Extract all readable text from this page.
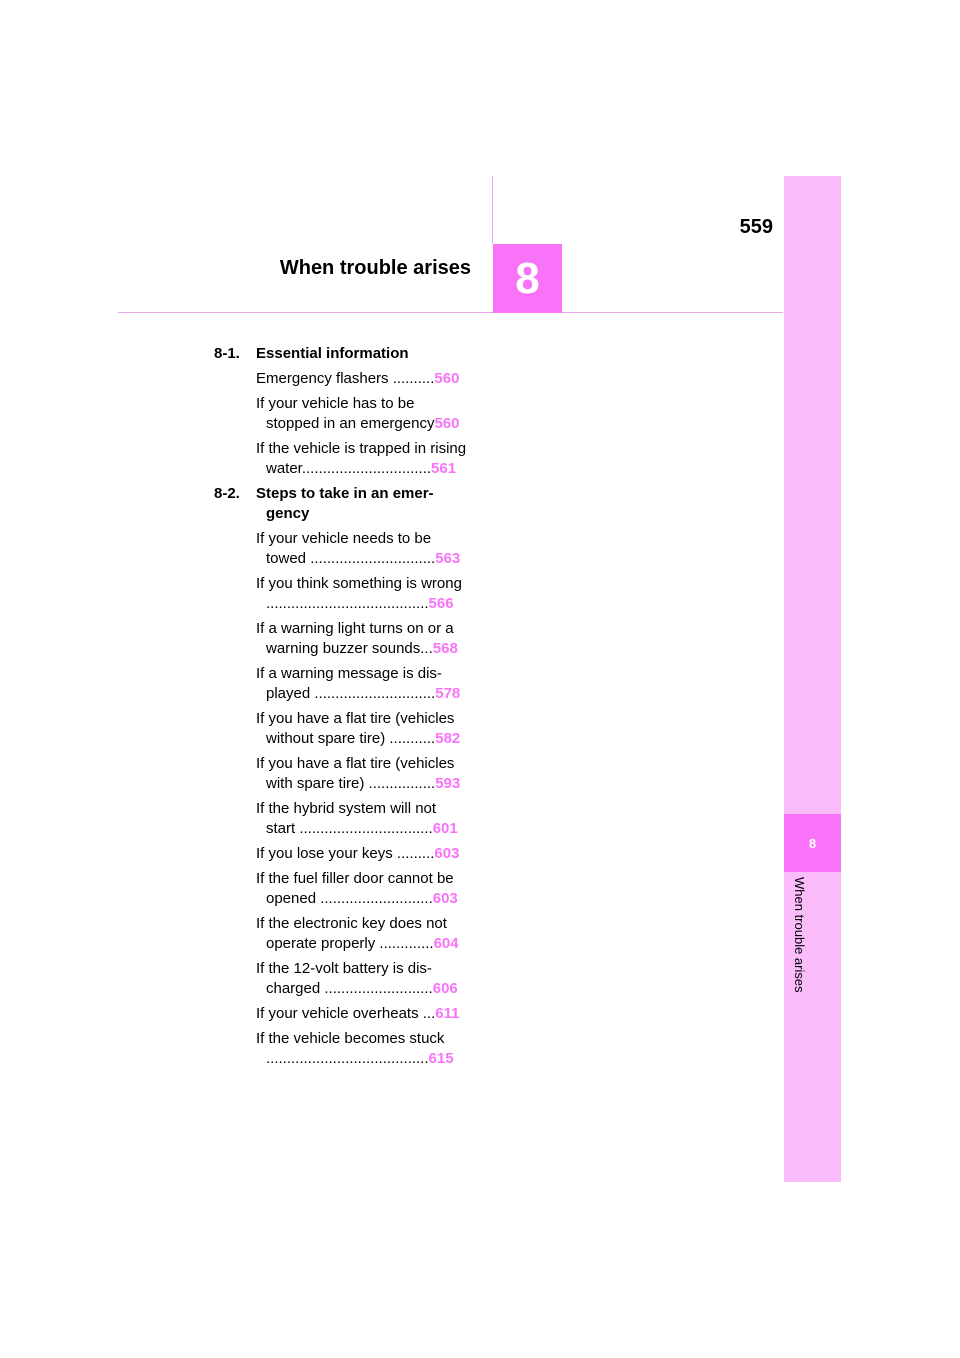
8
When trouble arises
559
When trouble arises	8
8-1. Essential information
Emergency flashers ..........560
If your vehicle has to be
stopped in an emergency560
If the vehicle is trapped in rising
water...............................561
8-2. Steps to take in an emer-
gency
If your vehicle needs to be
towed ..............................563
If you think something is wrong
.......................................566
If a warning light turns on or a
warning buzzer sounds...568
If a warning message is dis-
played .............................578
If you have a flat tire (vehicles
without spare tire) ...........582
If you have a flat tire (vehicles
with spare tire) ................593
If the hybrid system will not
start ................................601
If you lose your keys .........603
If the fuel filler door cannot be
opened ...........................603
If the electronic key does not
operate properly .............604
If the 12-volt battery is dis-
charged ..........................606
If your vehicle overheats ...611
If the vehicle becomes stuck
.......................................615
